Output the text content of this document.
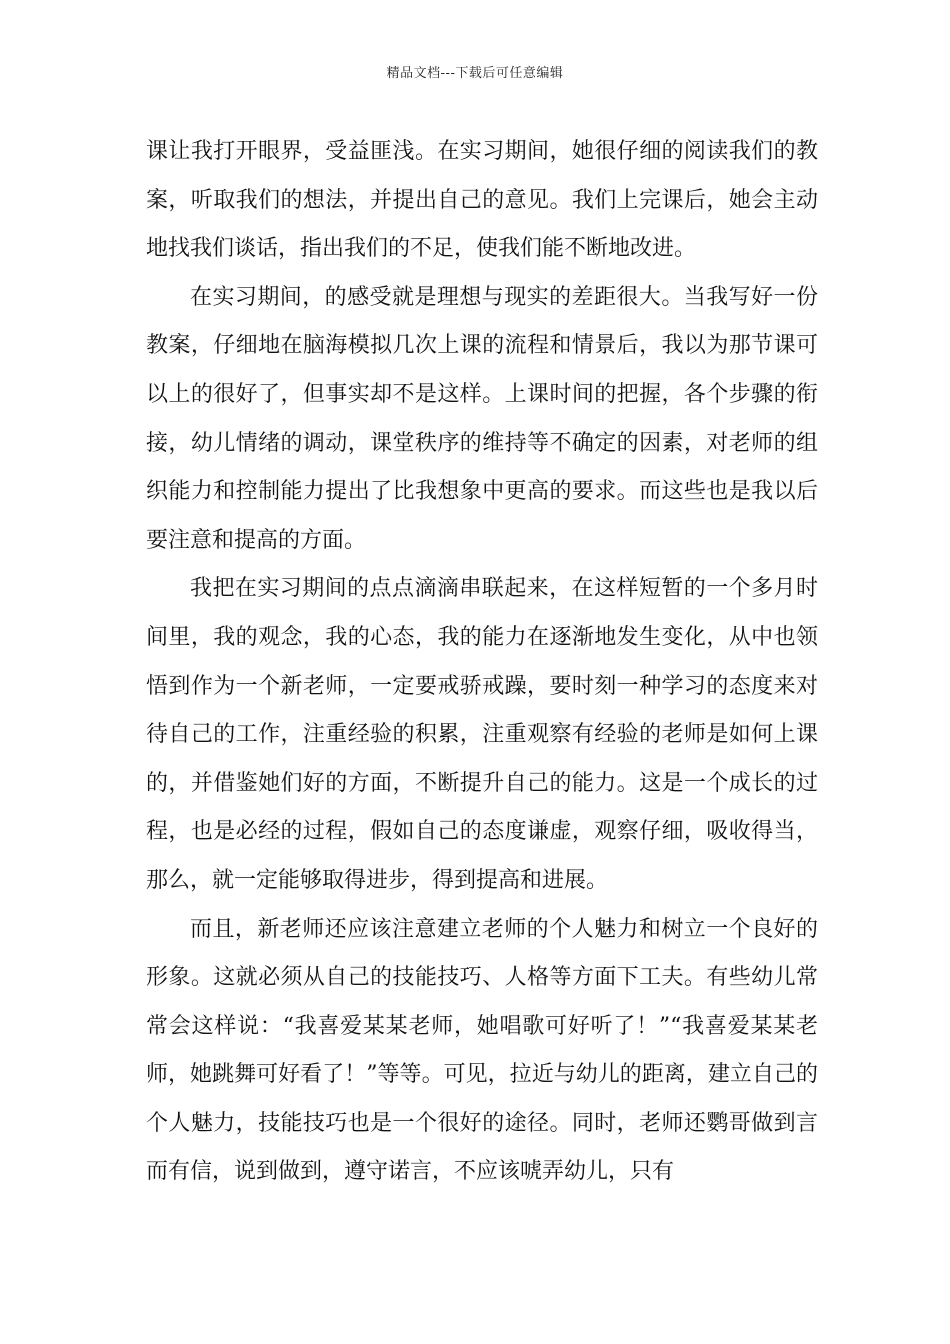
精品文档---下载后可任意编辑

课让我打开眼界，受益匪浅。在实习期间，她很仔细的阅读我们的教案，听取我们的想法，并提出自己的意见。我们上完课后，她会主动地找我们谈话，指出我们的不足，使我们能不断地改进。

在实习期间，的感受就是理想与现实的差距很大。当我写好一份教案，仔细地在脑海模拟几次上课的流程和情景后，我以为那节课可以上的很好了，但事实却不是这样。上课时间的把握，各个步骤的衔接，幼儿情绪的调动，课堂秩序的维持等不确定的因素，对老师的组织能力和控制能力提出了比我想象中更高的要求。而这些也是我以后要注意和提高的方面。

我把在实习期间的点点滴滴串联起来，在这样短暂的一个多月时间里，我的观念，我的心态，我的能力在逐渐地发生变化，从中也领悟到作为一个新老师，一定要戒骄戒躁，要时刻一种学习的态度来对待自己的工作，注重经验的积累，注重观察有经验的老师是如何上课的，并借鉴她们好的方面，不断提升自己的能力。这是一个成长的过程，也是必经的过程，假如自己的态度谦虚，观察仔细，吸收得当，那么，就一定能够取得进步，得到提高和进展。

而且，新老师还应该注意建立老师的个人魅力和树立一个良好的形象。这就必须从自己的技能技巧、人格等方面下工夫。有些幼儿常常会这样说：“我喜爱某某老师，她唱歌可好听了！”“我喜爱某某老师，她跳舞可好看了！”等等。可见，拉近与幼儿的距离，建立自己的个人魅力，技能技巧也是一个很好的途径。同时，老师还鹦哥做到言而有信，说到做到，遵守诺言，不应该唬弄幼儿，只有
